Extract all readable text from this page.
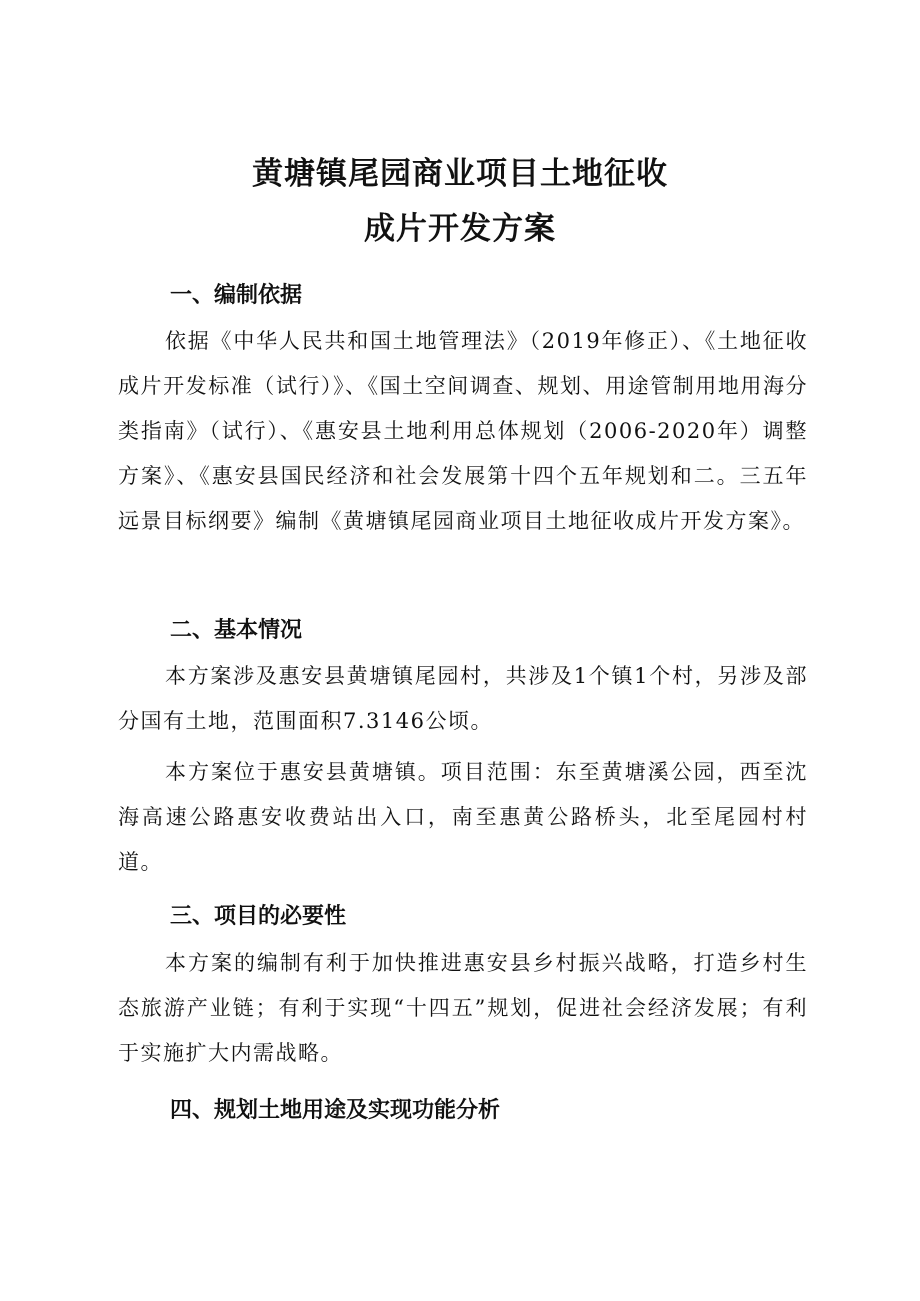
黄塘镇尾园商业项目土地征收
成片开发方案
一、编制依据

依据《中华人民共和国土地管理法》（2019年修正）、《土地征收成片开发标准（试行）》、《国土空间调查、规划、用途管制用地用海分类指南》（试行）、《惠安县土地利用总体规划（2006-2020年）调整方案》、《惠安县国民经济和社会发展第十四个五年规划和二。三五年远景目标纲要》编制《黄塘镇尾园商业项目土地征收成片开发方案》。

二、基本情况

本方案涉及惠安县黄塘镇尾园村，共涉及1个镇1个村，另涉及部分国有土地，范围面积7.3146公顷。

本方案位于惠安县黄塘镇。项目范围：东至黄塘溪公园，西至沈海高速公路惠安收费站出入口，南至惠黄公路桥头，北至尾园村村道。

三、项目的必要性

本方案的编制有利于加快推进惠安县乡村振兴战略，打造乡村生态旅游产业链；有利于实现“十四五”规划，促进社会经济发展；有利于实施扩大内需战略。

四、规划土地用途及实现功能分析
